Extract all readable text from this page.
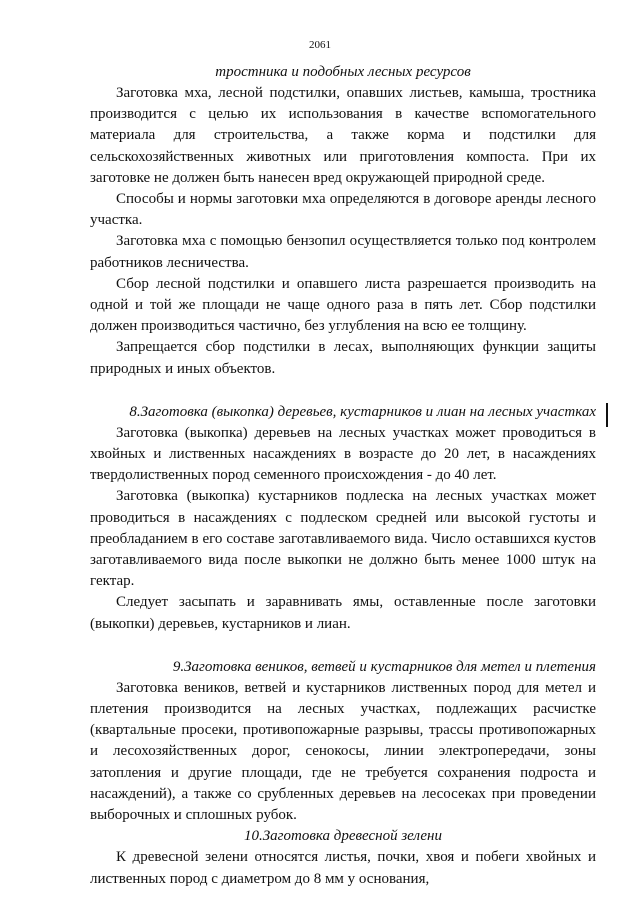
2061
тростника и подобных лесных ресурсов

Заготовка мха, лесной подстилки, опавших листьев, камыша, тростника производится с целью их использования в качестве вспомогательного материала для строительства, а также корма и подстилки для сельскохозяйственных животных или приготовления компоста. При их заготовке не должен быть нанесен вред окружающей природной среде.

Способы и нормы заготовки мха определяются в договоре аренды лесного участка.

Заготовка мха с помощью бензопил осуществляется только под контролем работников лесничества.

Сбор лесной подстилки и опавшего листа разрешается производить на одной и той же площади не чаще одного раза в пять лет. Сбор подстилки должен производиться частично, без углубления на всю ее толщину.

Запрещается сбор подстилки в лесах, выполняющих функции защиты природных и иных объектов.

8.Заготовка (выкопка) деревьев, кустарников и лиан на лесных участках

Заготовка (выкопка) деревьев на лесных участках может проводиться в хвойных и лиственных насаждениях в возрасте до 20 лет, в насаждениях твердолиственных пород семенного происхождения - до 40 лет.

Заготовка (выкопка) кустарников подлеска на лесных участках может проводиться в насаждениях с подлеском средней или высокой густоты и преобладанием в его составе заготавливаемого вида. Число оставшихся кустов заготавливаемого вида после выкопки не должно быть менее 1000 штук на гектар.

Следует засыпать и заравнивать ямы, оставленные после заготовки (выкопки) деревьев, кустарников и лиан.

9.Заготовка веников, ветвей и кустарников для метел и плетения

Заготовка веников, ветвей и кустарников лиственных пород для метел и плетения производится на лесных участках, подлежащих расчистке (квартальные просеки, противопожарные разрывы, трассы противопожарных и лесохозяйственных дорог, сенокосы, линии электропередачи, зоны затопления и другие площади, где не требуется сохранения подроста и насаждений), а также со срубленных деревьев на лесосеках при проведении выборочных и сплошных рубок.

10.Заготовка древесной зелени

К древесной зелени относятся листья, почки, хвоя и побеги хвойных и лиственных пород с диаметром до 8 мм у основания,
